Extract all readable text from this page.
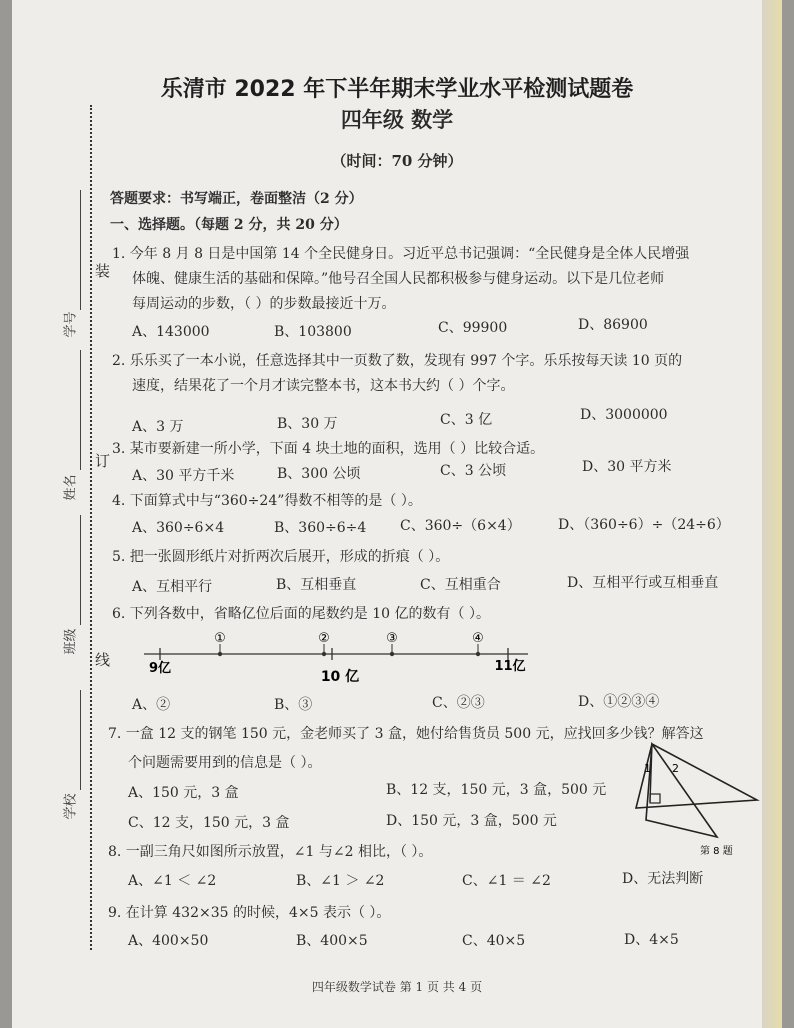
学号
姓名
班级
学校
装
订
线
乐清市 2022 年下半年期末学业水平检测试题卷
四年级 数学
（时间：70 分钟）
答题要求：书写端正，卷面整洁（2 分）
一、选择题。（每题 2 分，共 20 分）
1. 今年 8 月 8 日是中国第 14 个全民健身日。习近平总书记强调：“全民健身是全体人民增强
体魄、健康生活的基础和保障。”他号召全国人民都积极参与健身运动。以下是几位老师
每周运动的步数，（ ）的步数最接近十万。
A、143000	B、103800	C、99900	D、86900
2. 乐乐买了一本小说，任意选择其中一页数了数，发现有 997 个字。乐乐按每天读 10 页的
速度，结果花了一个月才读完整本书，这本书大约（ ）个字。
A、3 万	B、30 万	C、3 亿	D、3000000
3. 某市要新建一所小学，下面 4 块土地的面积，选用（ ）比较合适。
A、30 平方千米	B、300 公顷	C、3 公顷	D、30 平方米
4. 下面算式中与“360÷24”得数不相等的是（ ）。
A、360÷6×4	B、360÷6÷4 C、360÷（6×4）	D、（360÷6）÷（24÷6）
5. 把一张圆形纸片对折两次后展开，形成的折痕（ ）。
A、互相平行	B、互相垂直	C、互相重合	D、互相平行或互相垂直
6. 下列各数中，省略亿位后面的尾数约是 10 亿的数有（ ）。
①	②	③	④
9亿
10 亿
11亿
A、②	B、③	C、②③	D、①②③④
7. 一盒 12 支的钢笔 150 元，金老师买了 3 盒，她付给售货员 500 元，应找回多少钱？解答这
个问题需要用到的信息是（ ）。
A、150 元，3 盒	B、12 支，150 元，3 盒，500 元
C、12 支，150 元，3 盒	D、150 元，3 盒，500 元
1 2
第 8 题
8. 一副三角尺如图所示放置，∠1 与∠2 相比，（ ）。
A、∠1 ＜ ∠2	B、∠1 ＞ ∠2	C、∠1 ＝ ∠2	D、无法判断
9. 在计算 432×35 的时候，4×5 表示（ ）。
A、400×50	B、400×5	C、40×5	D、4×5
四年级数学试卷 第 1 页 共 4 页
